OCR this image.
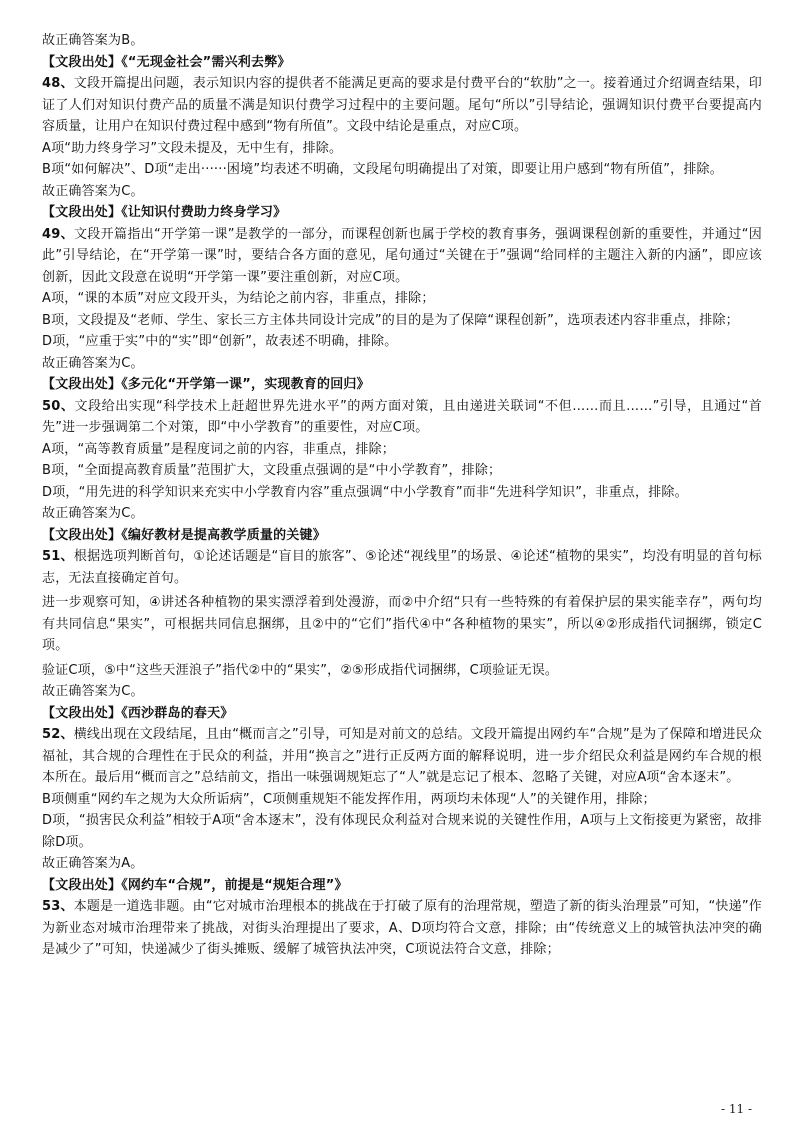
故正确答案为B。

【文段出处】《“无现金社会”需兴利去弊》

48、文段开篇提出问题，表示知识内容的提供者不能满足更高的要求是付费平台的“软肋”之一。接着通过介绍调查结果，印证了人们对知识付费产品的质量不满是知识付费学习过程中的主要问题。尾句“所以”引导结论，强调知识付费平台要提高内容质量，让用户在知识付费过程中感到“物有所值”。文段中结论是重点，对应C项。

A项“助力终身学习”文段未提及，无中生有，排除。

B项“如何解决”、D项“走出······困境”均表述不明确，文段尾句明确提出了对策，即要让用户感到“物有所值”，排除。

故正确答案为C。

【文段出处】《让知识付费助力终身学习》

49、文段开篇指出“开学第一课”是教学的一部分，而课程创新也属于学校的教育事务，强调课程创新的重要性，并通过“因此”引导结论，在“开学第一课”时，要结合各方面的意见，尾句通过“关键在于”强调“给同样的主题注入新的内涵”，即应该创新，因此文段意在说明“开学第一课”要注重创新，对应C项。

A项，“课的本质”对应文段开头，为结论之前内容，非重点，排除；

B项，文段提及“老师、学生、家长三方主体共同设计完成”的目的是为了保障“课程创新”，选项表述内容非重点，排除；

D项，“应重于实”中的“实”即“创新”，故表述不明确，排除。

故正确答案为C。

【文段出处】《多元化“开学第一课”，实现教育的回归》

50、文段给出实现“科学技术上赶超世界先进水平”的两方面对策，且由递进关联词“不但……而且……”引导，且通过“首先”进一步强调第二个对策，即“中小学教育”的重要性，对应C项。

A项，“高等教育质量”是程度词之前的内容，非重点，排除；

B项，“全面提高教育质量”范围扩大，文段重点强调的是“中小学教育”，排除；

D项，“用先进的科学知识来充实中小学教育内容”重点强调“中小学教育”而非“先进科学知识”，非重点，排除。

故正确答案为C。

【文段出处】《编好教材是提高教学质量的关键》

51、根据选项判断首句，①论述话题是“盲目的旅客”、⑤论述“视线里”的场景、④论述“植物的果实”，均没有明显的首句标志，无法直接确定首句。

进一步观察可知，④讲述各种植物的果实漂浮着到处漫游，而②中介绍“只有一些特殊的有着保护层的果实能幸存”，两句均有共同信息“果实”，可根据共同信息捆绑，且②中的“它们”指代④中“各种植物的果实”，所以④②形成指代词捆绑，锁定C项。

验证C项，⑤中“这些天涯浪子”指代②中的“果实”，②⑤形成指代词捆绑，C项验证无误。

故正确答案为C。

【文段出处】《西沙群岛的春天》

52、横线出现在文段结尾，且由“概而言之”引导，可知是对前文的总结。文段开篇提出网约车“合规”是为了保障和增进民众福祉，其合规的合理性在于民众的利益，并用“换言之”进行正反两方面的解释说明，进一步介绍民众利益是网约车合规的根本所在。最后用“概而言之”总结前文，指出一味强调规矩忘了“人”就是忘记了根本、忽略了关键，对应A项“舍本逐末”。

B项侧重“网约车之规为大众所诟病”，C项侧重规矩不能发挥作用，两项均未体现“人”的关键作用，排除；

D项，“损害民众利益”相较于A项“舍本逐末”，没有体现民众利益对合规来说的关键性作用，A项与上文衔接更为紧密，故排除D项。

故正确答案为A。

【文段出处】《网约车“合规”，前提是“规矩合理”》

53、本题是一道选非题。由“它对城市治理根本的挑战在于打破了原有的治理常规，塑造了新的街头治理景”可知，“快递”作为新业态对城市治理带来了挑战，对街头治理提出了要求，A、D项均符合文意，排除；由“传统意义上的城管执法冲突的确是减少了”可知，快递减少了街头摊贩、缓解了城管执法冲突，C项说法符合文意，排除；

- 11 -
